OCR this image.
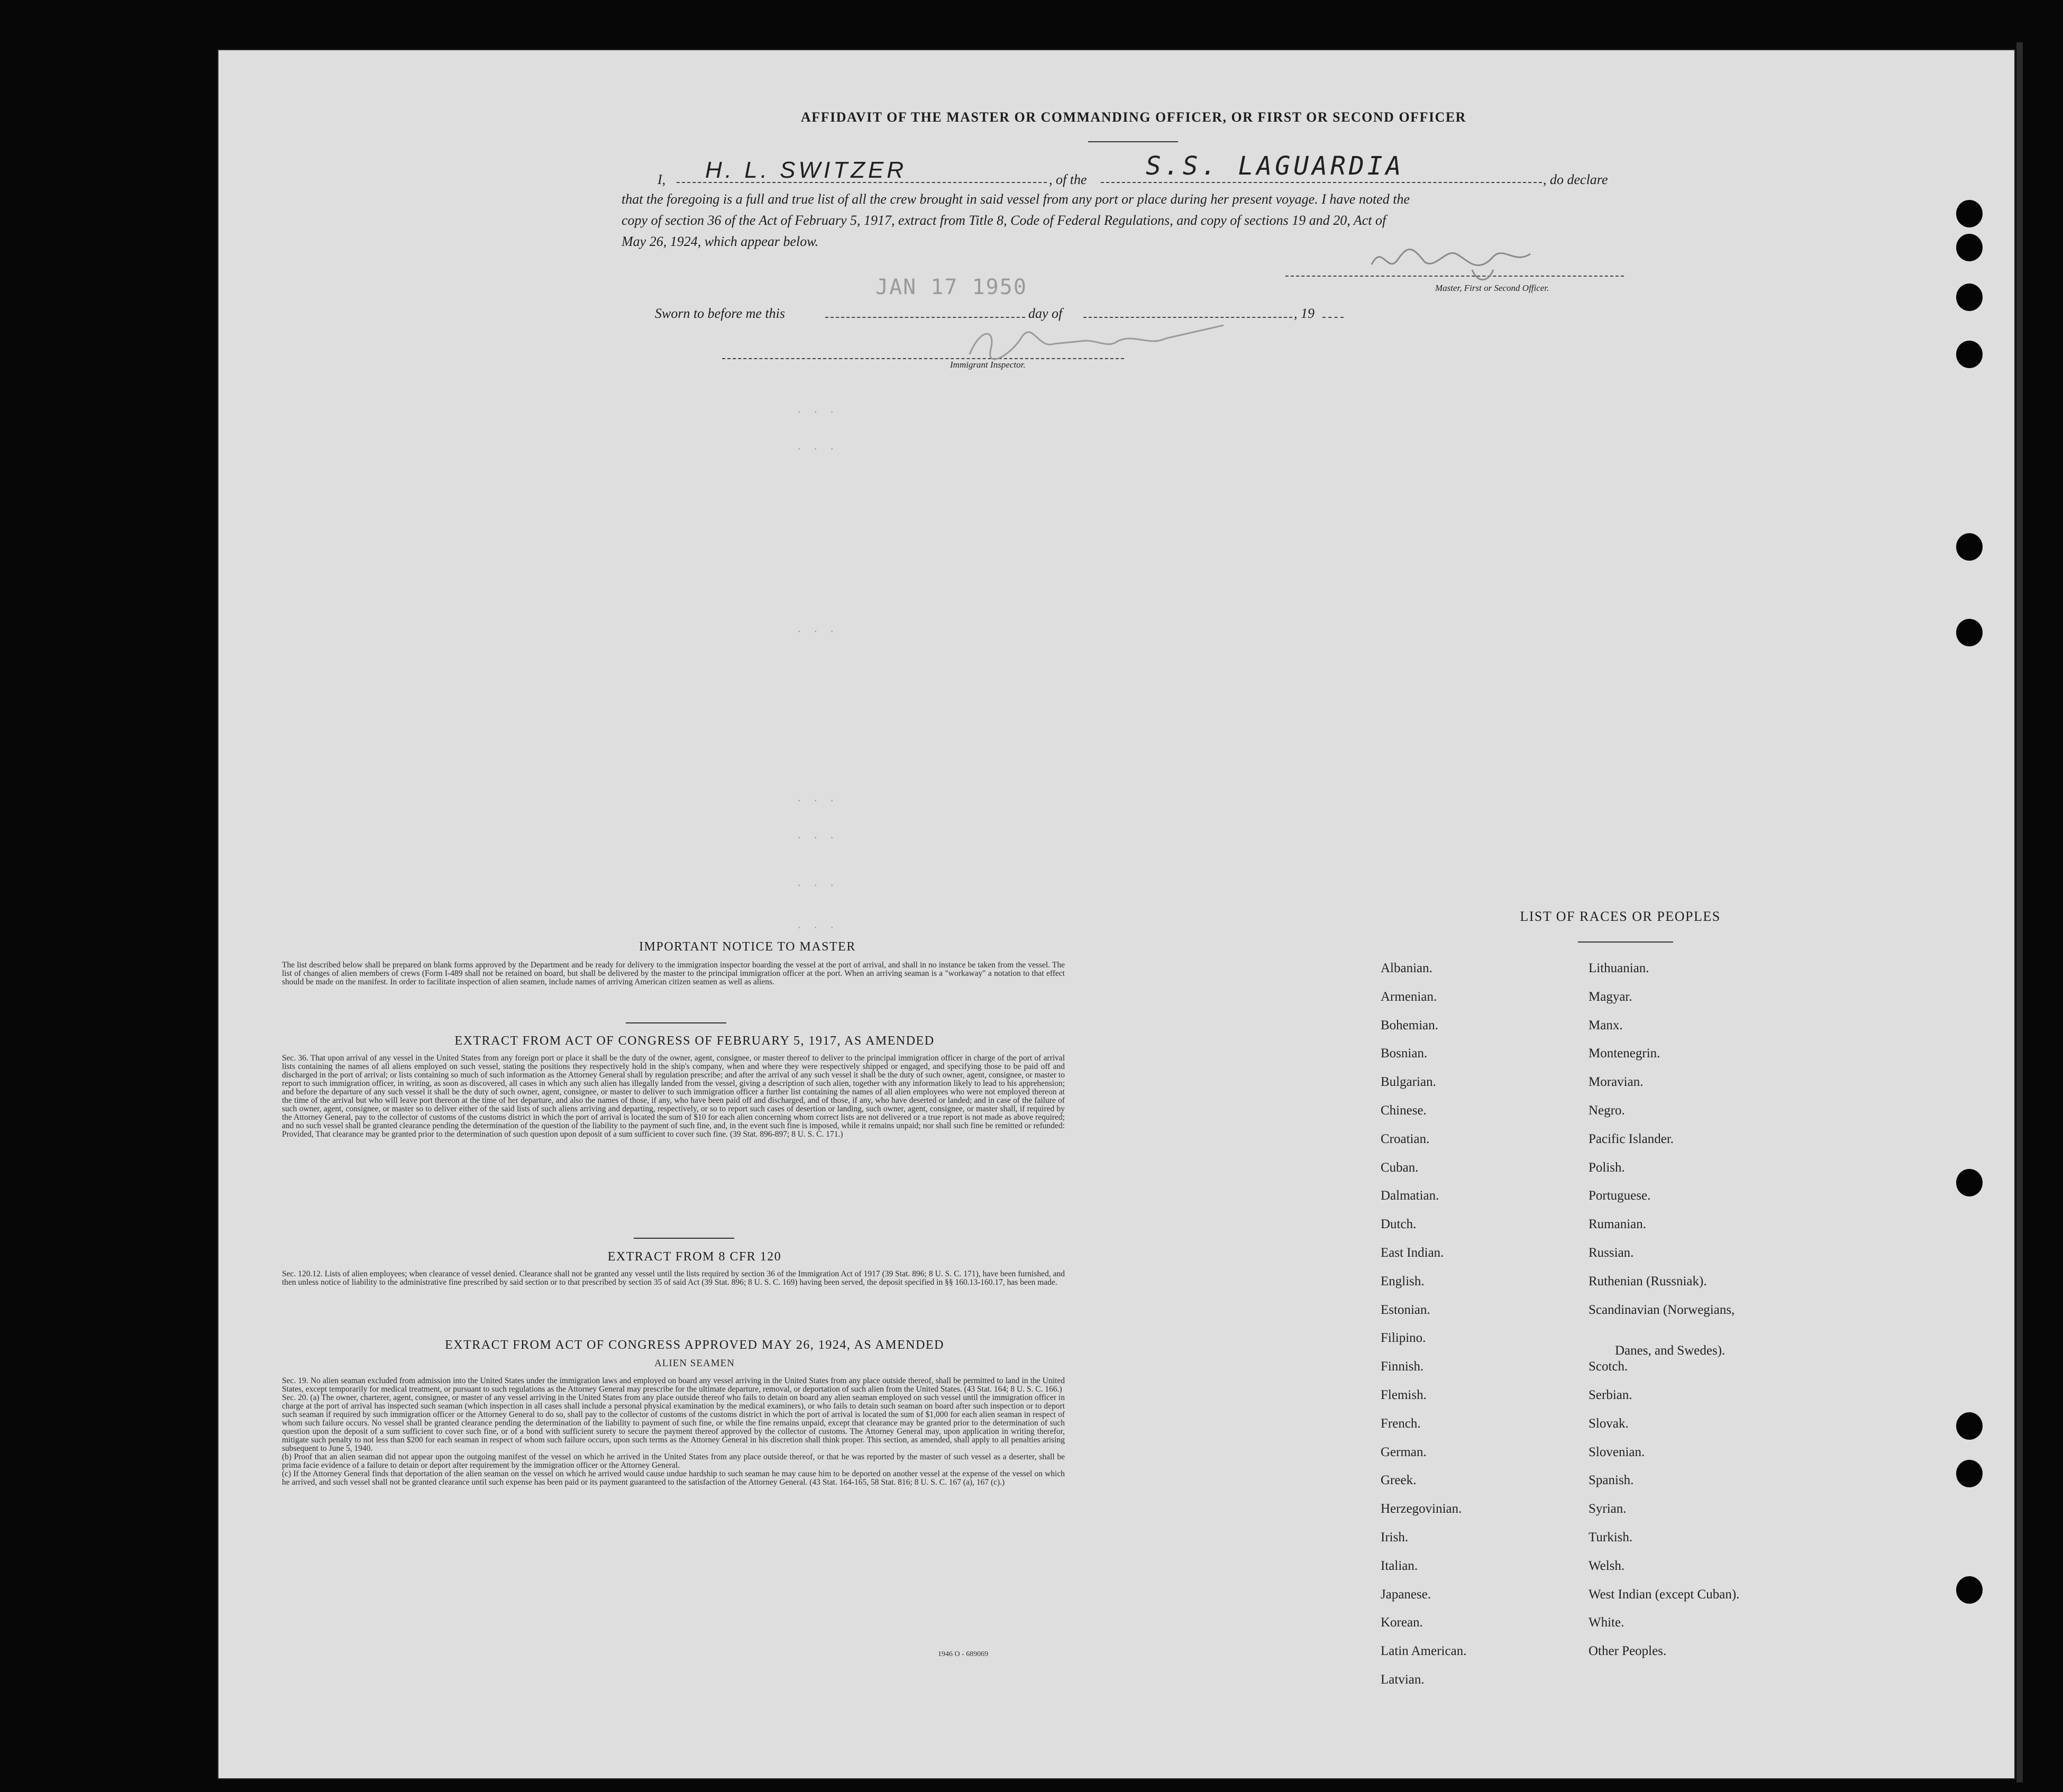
AFFIDAVIT OF THE MASTER OR COMMANDING OFFICER, OR FIRST OR SECOND OFFICER
I, H. L. SWITZER	, of the S.S. LAGUARDIA	, do declare
that the foregoing is a full and true list of all the crew brought in said vessel from any port or place during her present voyage. I have noted the
copy of section 36 of the Act of February 5, 1917, extract from Title 8, Code of Federal Regulations, and copy of sections 19 and 20, Act of
May 26, 1924, which appear below.
Master, First or Second Officer.
JAN 17 1950
Sworn to before me this	day of	, 19
Immigrant Inspector.
. . .
. . .
. . .
. . .
. . .
. . .
. . .
IMPORTANT NOTICE TO MASTER
The list described below shall be prepared on blank forms approved by the Department and be ready for delivery to the immigration inspector boarding the vessel at the port of arrival, and shall in no instance be taken from the vessel. The list of changes of alien members of crews (Form I-489 shall not be retained on board, but shall be delivered by the master to the principal immigration officer at the port. When an arriving seaman is a "workaway" a notation to that effect should be made on the manifest. In order to facilitate inspection of alien seamen, include names of arriving American citizen seamen as well as aliens.
EXTRACT FROM ACT OF CONGRESS OF FEBRUARY 5, 1917, AS AMENDED
Sec. 36. That upon arrival of any vessel in the United States from any foreign port or place it shall be the duty of the owner, agent, consignee, or master thereof to deliver to the principal immigration officer in charge of the port of arrival lists containing the names of all aliens employed on such vessel, stating the positions they respectively hold in the ship's company, when and where they were respectively shipped or engaged, and specifying those to be paid off and discharged in the port of arrival; or lists containing so much of such information as the Attorney General shall by regulation prescribe; and after the arrival of any such vessel it shall be the duty of such owner, agent, consignee, or master to report to such immigration officer, in writing, as soon as discovered, all cases in which any such alien has illegally landed from the vessel, giving a description of such alien, together with any information likely to lead to his apprehension; and before the departure of any such vessel it shall be the duty of such owner, agent, consignee, or master to deliver to such immigration officer a further list containing the names of all alien employees who were not employed thereon at the time of the arrival but who will leave port thereon at the time of her departure, and also the names of those, if any, who have been paid off and discharged, and of those, if any, who have deserted or landed; and in case of the failure of such owner, agent, consignee, or master so to deliver either of the said lists of such aliens arriving and departing, respectively, or so to report such cases of desertion or landing, such owner, agent, consignee, or master shall, if required by the Attorney General, pay to the collector of customs of the customs district in which the port of arrival is located the sum of $10 for each alien concerning whom correct lists are not delivered or a true report is not made as above required; and no such vessel shall be granted clearance pending the determination of the question of the liability to the payment of such fine, and, in the event such fine is imposed, while it remains unpaid; nor shall such fine be remitted or refunded: Provided, That clearance may be granted prior to the determination of such question upon deposit of a sum sufficient to cover such fine. (39 Stat. 896-897; 8 U. S. C. 171.)
EXTRACT FROM 8 CFR 120
Sec. 120.12. Lists of alien employees; when clearance of vessel denied. Clearance shall not be granted any vessel until the lists required by section 36 of the Immigration Act of 1917 (39 Stat. 896; 8 U. S. C. 171), have been furnished, and then unless notice of liability to the administrative fine prescribed by said section or to that prescribed by section 35 of said Act (39 Stat. 896; 8 U. S. C. 169) having been served, the deposit specified in §§ 160.13-160.17, has been made.
EXTRACT FROM ACT OF CONGRESS APPROVED MAY 26, 1924, AS AMENDED
ALIEN SEAMEN
Sec. 19. No alien seaman excluded from admission into the United States under the immigration laws and employed on board any vessel arriving in the United States from any place outside thereof, shall be permitted to land in the United States, except temporarily for medical treatment, or pursuant to such regulations as the Attorney General may prescribe for the ultimate departure, removal, or deportation of such alien from the United States. (43 Stat. 164; 8 U. S. C. 166.)
Sec. 20. (a) The owner, charterer, agent, consignee, or master of any vessel arriving in the United States from any place outside thereof who fails to detain on board any alien seaman employed on such vessel until the immigration officer in charge at the port of arrival has inspected such seaman (which inspection in all cases shall include a personal physical examination by the medical examiners), or who fails to detain such seaman on board after such inspection or to deport such seaman if required by such immigration officer or the Attorney General to do so, shall pay to the collector of customs of the customs district in which the port of arrival is located the sum of $1,000 for each alien seaman in respect of whom such failure occurs. No vessel shall be granted clearance pending the determination of the liability to payment of such fine, or while the fine remains unpaid, except that clearance may be granted prior to the determination of such question upon the deposit of a sum sufficient to cover such fine, or of a bond with sufficient surety to secure the payment thereof approved by the collector of customs. The Attorney General may, upon application in writing therefor, mitigate such penalty to not less than $200 for each seaman in respect of whom such failure occurs, upon such terms as the Attorney General in his discretion shall think proper. This section, as amended, shall apply to all penalties arising subsequent to June 5, 1940.
(b) Proof that an alien seaman did not appear upon the outgoing manifest of the vessel on which he arrived in the United States from any place outside thereof, or that he was reported by the master of such vessel as a deserter, shall be prima facie evidence of a failure to detain or deport after requirement by the immigration officer or the Attorney General.
(c) If the Attorney General finds that deportation of the alien seaman on the vessel on which he arrived would cause undue hardship to such seaman he may cause him to be deported on another vessel at the expense of the vessel on which he arrived, and such vessel shall not be granted clearance until such expense has been paid or its payment guaranteed to the satisfaction of the Attorney General. (43 Stat. 164-165, 58 Stat. 816; 8 U. S. C. 167 (a), 167 (c).)
1946 O - 689069
LIST OF RACES OR PEOPLES
Albanian.
Armenian.
Bohemian.
Bosnian.
Bulgarian.
Chinese.
Croatian.
Cuban.
Dalmatian.
Dutch.
East Indian.
English.
Estonian.
Filipino.
Finnish.
Flemish.
French.
German.
Greek.
Herzegovinian.
Irish.
Italian.
Japanese.
Korean.
Latin American.
Latvian.
Lithuanian.
Magyar.
Manx.
Montenegrin.
Moravian.
Negro.
Pacific Islander.
Polish.
Portuguese.
Rumanian.
Russian.
Ruthenian (Russniak).
Scandinavian (Norwegians,
Danes, and Swedes).
Scotch.
Serbian.
Slovak.
Slovenian.
Spanish.
Syrian.
Turkish.
Welsh.
West Indian (except Cuban).
White.
Other Peoples.
